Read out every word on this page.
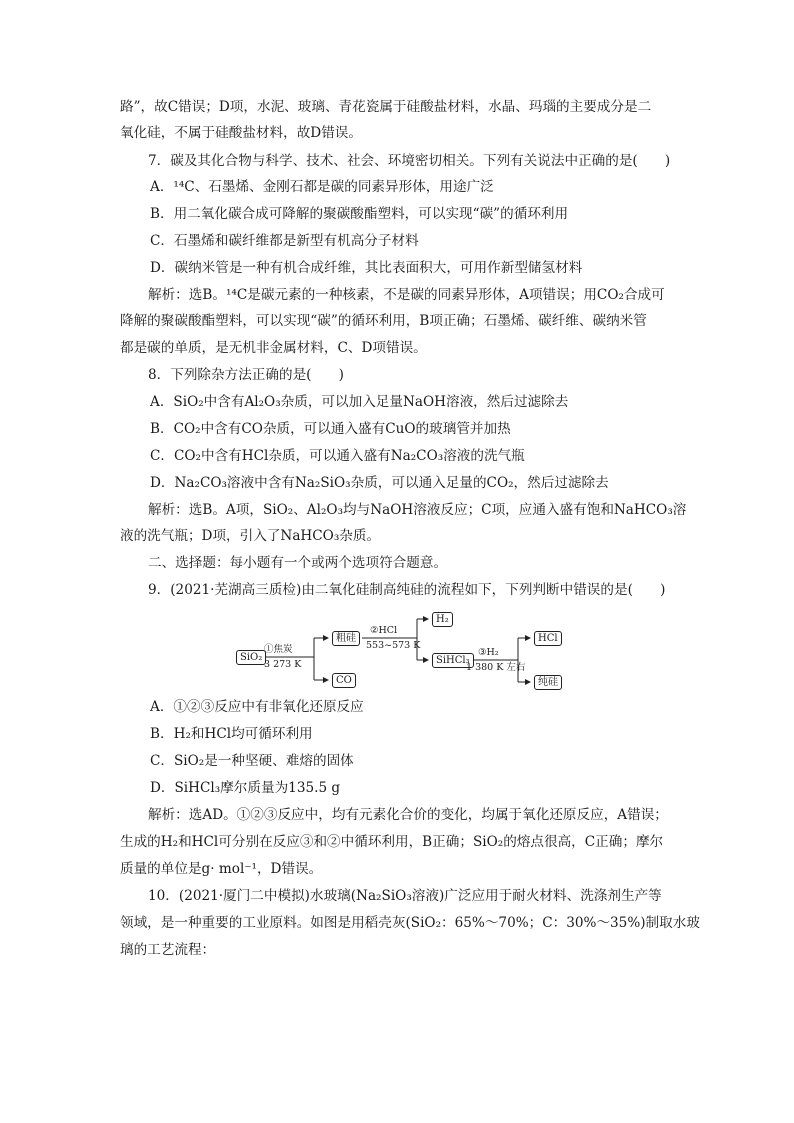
路”，故C错误；D项，水泥、玻璃、青花瓷属于硅酸盐材料，水晶、玛瑙的主要成分是二
氧化硅，不属于硅酸盐材料，故D错误。
7．碳及其化合物与科学、技术、社会、环境密切相关。下列有关说法中正确的是(　　)
A．¹⁴C、石墨烯、金刚石都是碳的同素异形体，用途广泛
B．用二氧化碳合成可降解的聚碳酸酯塑料，可以实现“碳”的循环利用
C．石墨烯和碳纤维都是新型有机高分子材料
D．碳纳米管是一种有机合成纤维，其比表面积大，可用作新型储氢材料
解析：选B。¹⁴C是碳元素的一种核素，不是碳的同素异形体，A项错误；用CO₂合成可
降解的聚碳酸酯塑料，可以实现“碳”的循环利用，B项正确；石墨烯、碳纤维、碳纳米管
都是碳的单质，是无机非金属材料，C、D项错误。
8．下列除杂方法正确的是(　　)
A．SiO₂中含有Al₂O₃杂质，可以加入足量NaOH溶液，然后过滤除去
B．CO₂中含有CO杂质，可以通入盛有CuO的玻璃管并加热
C．CO₂中含有HCl杂质，可以通入盛有Na₂CO₃溶液的洗气瓶
D．Na₂CO₃溶液中含有Na₂SiO₃杂质，可以通入足量的CO₂，然后过滤除去
解析：选B。A项，SiO₂、Al₂O₃均与NaOH溶液反应；C项，应通入盛有饱和NaHCO₃溶
液的洗气瓶；D项，引入了NaHCO₃杂质。
二、选择题：每小题有一个或两个选项符合题意。
9．(2021·芜湖高三质检)由二氧化硅制高纯硅的流程如下，下列判断中错误的是(　　)
SiO₂
①焦炭
3 273 K
粗硅
CO
②HCl
553~573 K
H₂
SiHCl₃
③H₂
1 380 K 左右
HCl
纯硅
A．①②③反应中有非氧化还原反应
B．H₂和HCl均可循环利用
C．SiO₂是一种坚硬、难熔的固体
D．SiHCl₃摩尔质量为135.5 g
解析：选AD。①②③反应中，均有元素化合价的变化，均属于氧化还原反应，A错误；
生成的H₂和HCl可分别在反应③和②中循环利用，B正确；SiO₂的熔点很高，C正确；摩尔
质量的单位是g· mol⁻¹，D错误。
10．(2021·厦门二中模拟)水玻璃(Na₂SiO₃溶液)广泛应用于耐火材料、洗涤剂生产等
领域，是一种重要的工业原料。如图是用稻壳灰(SiO₂：65%～70%；C：30%～35%)制取水玻
璃的工艺流程：
